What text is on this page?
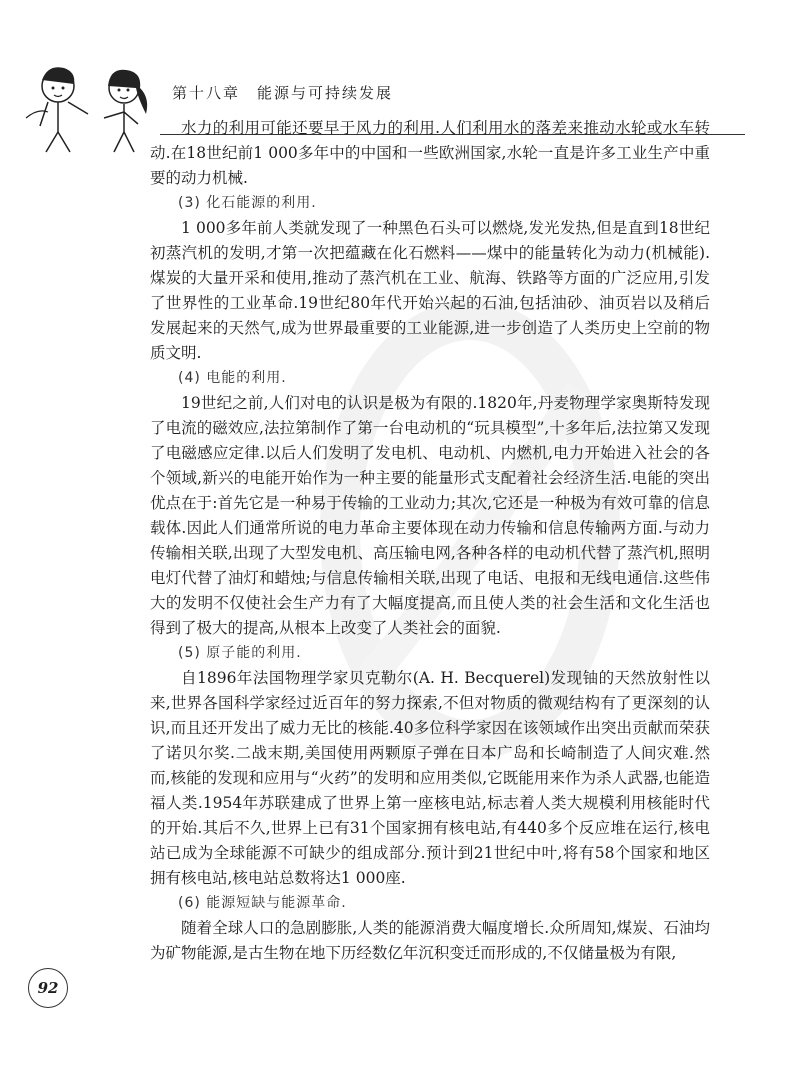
第十八章　能源与可持续发展

水力的利用可能还要早于风力的利用.人们利用水的落差来推动水轮或水车转动.在18世纪前1 000多年中的中国和一些欧洲国家,水轮一直是许多工业生产中重要的动力机械.

(3) 化石能源的利用.

1 000多年前人类就发现了一种黑色石头可以燃烧,发光发热,但是直到18世纪初蒸汽机的发明,才第一次把蕴藏在化石燃料——煤中的能量转化为动力(机械能).煤炭的大量开采和使用,推动了蒸汽机在工业、航海、铁路等方面的广泛应用,引发了世界性的工业革命.19世纪80年代开始兴起的石油,包括油砂、油页岩以及稍后发展起来的天然气,成为世界最重要的工业能源,进一步创造了人类历史上空前的物质文明.

(4) 电能的利用.

19世纪之前,人们对电的认识是极为有限的.1820年,丹麦物理学家奥斯特发现了电流的磁效应,法拉第制作了第一台电动机的“玩具模型”,十多年后,法拉第又发现了电磁感应定律.以后人们发明了发电机、电动机、内燃机,电力开始进入社会的各个领域,新兴的电能开始作为一种主要的能量形式支配着社会经济生活.电能的突出优点在于:首先它是一种易于传输的工业动力;其次,它还是一种极为有效可靠的信息载体.因此人们通常所说的电力革命主要体现在动力传输和信息传输两方面.与动力传输相关联,出现了大型发电机、高压输电网,各种各样的电动机代替了蒸汽机,照明电灯代替了油灯和蜡烛;与信息传输相关联,出现了电话、电报和无线电通信.这些伟大的发明不仅使社会生产力有了大幅度提高,而且使人类的社会生活和文化生活也得到了极大的提高,从根本上改变了人类社会的面貌.

(5) 原子能的利用.

自1896年法国物理学家贝克勒尔(A. H. Becquerel)发现铀的天然放射性以来,世界各国科学家经过近百年的努力探索,不但对物质的微观结构有了更深刻的认识,而且还开发出了威力无比的核能.40多位科学家因在该领域作出突出贡献而荣获了诺贝尔奖.二战末期,美国使用两颗原子弹在日本广岛和长崎制造了人间灾难.然而,核能的发现和应用与“火药”的发明和应用类似,它既能用来作为杀人武器,也能造福人类.1954年苏联建成了世界上第一座核电站,标志着人类大规模利用核能时代的开始.其后不久,世界上已有31个国家拥有核电站,有440多个反应堆在运行,核电站已成为全球能源不可缺少的组成部分.预计到21世纪中叶,将有58个国家和地区拥有核电站,核电站总数将达1 000座.

(6) 能源短缺与能源革命.

随着全球人口的急剧膨胀,人类的能源消费大幅度增长.众所周知,煤炭、石油均为矿物能源,是古生物在地下历经数亿年沉积变迁而形成的,不仅储量极为有限,

92
